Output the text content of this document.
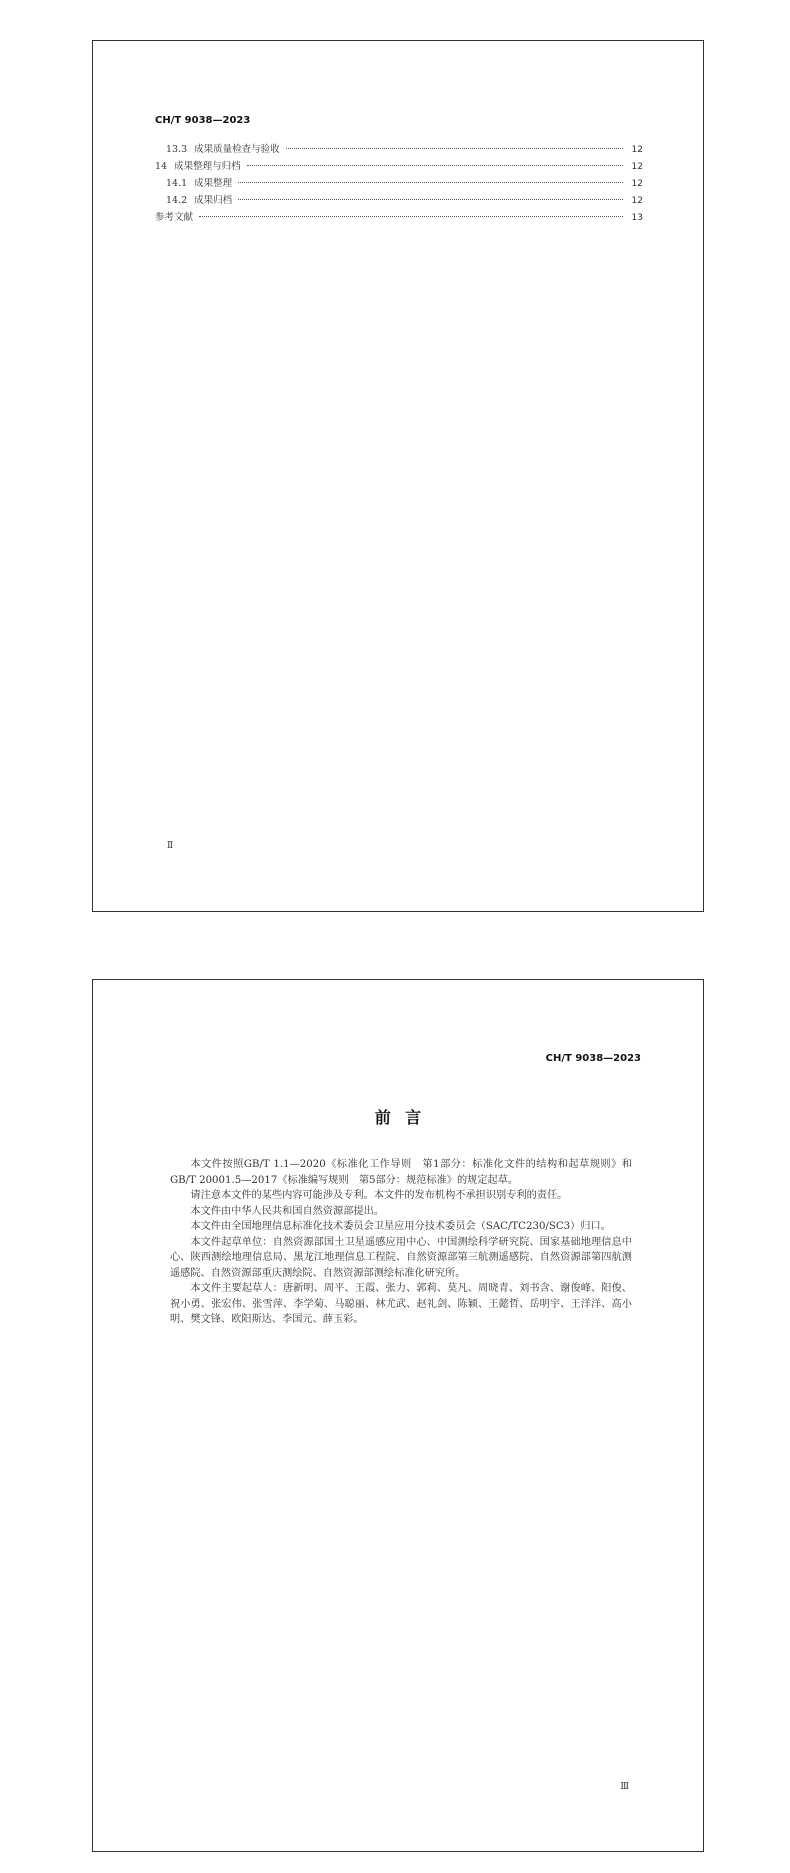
CH/T 9038—2023
13.3 成果质量检查与验收	12
14 成果整理与归档	12
14.1 成果整理	12
14.2 成果归档	12
参考文献	13
Ⅱ
CH/T 9038—2023
前言

本文件按照GB/T 1.1—2020《标准化工作导则　第1部分：标准化文件的结构和起草规则》和GB/T 20001.5—2017《标准编写规则　第5部分：规范标准》的规定起草。

请注意本文件的某些内容可能涉及专利。本文件的发布机构不承担识别专利的责任。

本文件由中华人民共和国自然资源部提出。

本文件由全国地理信息标准化技术委员会卫星应用分技术委员会（SAC/TC230/SC3）归口。

本文件起草单位：自然资源部国土卫星遥感应用中心、中国测绘科学研究院、国家基础地理信息中心、陕西测绘地理信息局、黑龙江地理信息工程院、自然资源部第三航测遥感院、自然资源部第四航测遥感院、自然资源部重庆测绘院、自然资源部测绘标准化研究所。

本文件主要起草人：唐新明、周平、王霞、张力、郭莉、莫凡、周晓青、刘书含、谢俊峰、阳俊、祝小勇、张宏伟、张雪萍、李学菊、马聪丽、林尤武、赵礼剑、陈颖、王懿哲、岳明宇、王洋洋、高小明、樊文锋、欧阳斯达、李国元、薛玉彩。

Ⅲ
